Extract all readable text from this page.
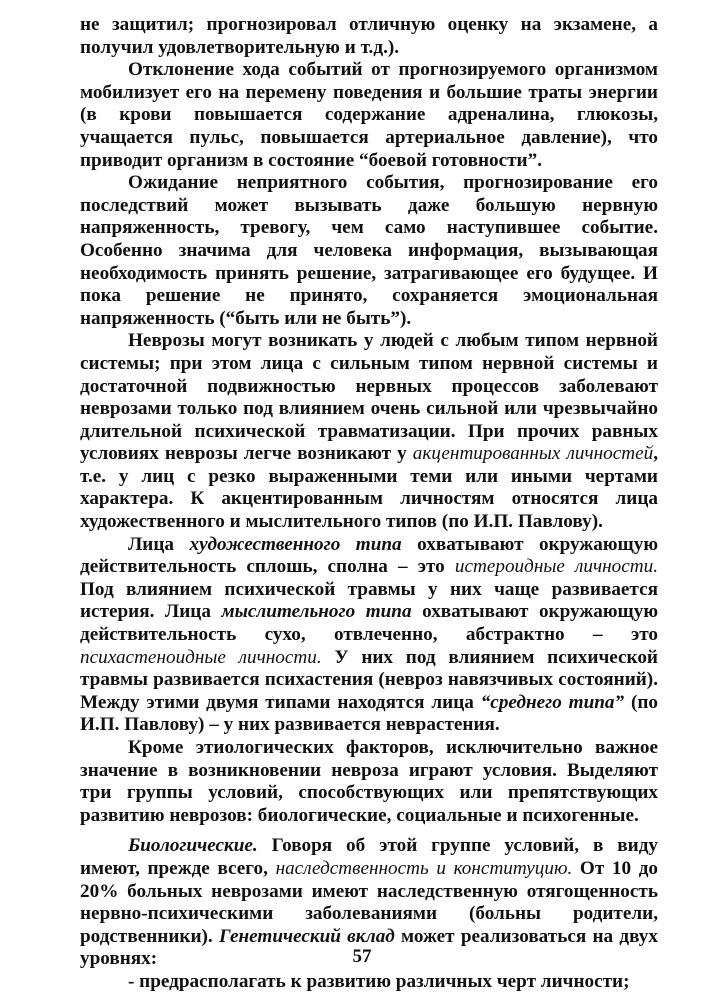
не защитил; прогнозировал отличную оценку на экзамене, а получил удовлетворительную и т.д.).

Отклонение хода событий от прогнозируемого организмом мобилизует его на перемену поведения и большие траты энергии (в крови повышается содержание адреналина, глюкозы, учащается пульс, повышается артериальное давление), что приводит организм в состояние “боевой готовности”.

Ожидание неприятного события, прогнозирование его последствий может вызывать даже большую нервную напряженность, тревогу, чем само наступившее событие. Особенно значима для человека информация, вызывающая необходимость принять решение, затрагивающее его будущее. И пока решение не принято, сохраняется эмоциональная напряженность (“быть или не быть”).

Неврозы могут возникать у людей с любым типом нервной системы; при этом лица с сильным типом нервной системы и достаточной подвижностью нервных процессов заболевают неврозами только под влиянием очень сильной или чрезвычайно длительной психической травматизации. При прочих равных условиях неврозы легче возникают у акцентированных личностей, т.е. у лиц с резко выраженными теми или иными чертами характера. К акцентированным личностям относятся лица художественного и мыслительного типов (по И.П. Павлову).

Лица художественного типа охватывают окружающую действительность сплошь, сполна – это истероидные личности. Под влиянием психической травмы у них чаще развивается истерия. Лица мыслительного типа охватывают окружающую действительность сухо, отвлеченно, абстрактно – это психастеноидные личности. У них под влиянием психической травмы развивается психастения (невроз навязчивых состояний). Между этими двумя типами находятся лица “среднего типа” (по И.П. Павлову) – у них развивается неврастения.

Кроме этиологических факторов, исключительно важное значение в возникновении невроза играют условия. Выделяют три группы условий, способствующих или препятствующих развитию неврозов: биологические, социальные и психогенные.

Биологические. Говоря об этой группе условий, в виду имеют, прежде всего, наследственность и конституцию. От 10 до 20% больных неврозами имеют наследственную отягощенность нервно-психическими заболеваниями (больны родители, родственники). Генетический вклад может реализоваться на двух уровнях:

- предрасполагать к развитию различных черт личности;

57
